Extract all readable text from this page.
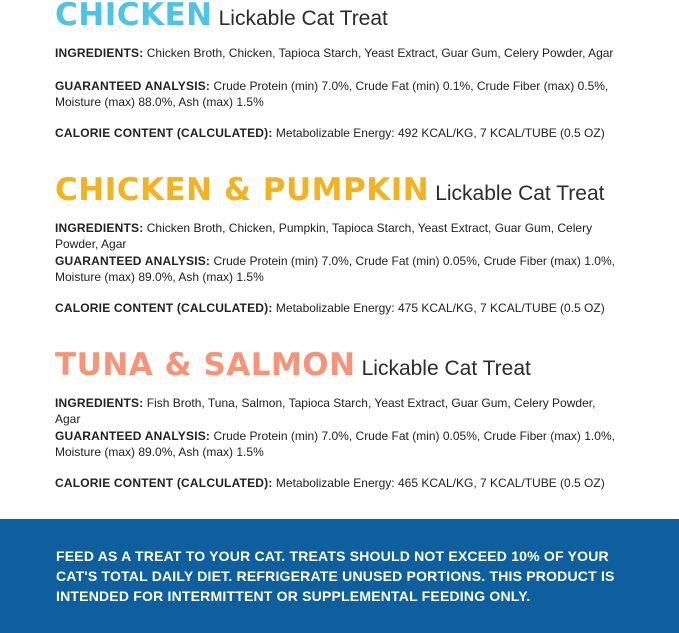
CHICKEN Lickable Cat Treat
INGREDIENTS: Chicken Broth, Chicken, Tapioca Starch, Yeast Extract, Guar Gum, Celery Powder, Agar
GUARANTEED ANALYSIS: Crude Protein (min) 7.0%, Crude Fat (min) 0.1%, Crude Fiber (max) 0.5%, Moisture (max) 88.0%, Ash (max) 1.5%
CALORIE CONTENT (CALCULATED): Metabolizable Energy: 492 KCAL/KG, 7 KCAL/TUBE (0.5 OZ)
CHICKEN & PUMPKIN Lickable Cat Treat
INGREDIENTS: Chicken Broth, Chicken, Pumpkin, Tapioca Starch, Yeast Extract, Guar Gum, Celery Powder, Agar
GUARANTEED ANALYSIS: Crude Protein (min) 7.0%, Crude Fat (min) 0.05%, Crude Fiber (max) 1.0%, Moisture (max) 89.0%, Ash (max) 1.5%
CALORIE CONTENT (CALCULATED): Metabolizable Energy: 475 KCAL/KG, 7 KCAL/TUBE (0.5 OZ)
TUNA & SALMON Lickable Cat Treat
INGREDIENTS: Fish Broth, Tuna, Salmon, Tapioca Starch, Yeast Extract, Guar Gum, Celery Powder, Agar
GUARANTEED ANALYSIS: Crude Protein (min) 7.0%, Crude Fat (min) 0.05%, Crude Fiber (max) 1.0%, Moisture (max) 89.0%, Ash (max) 1.5%
CALORIE CONTENT (CALCULATED): Metabolizable Energy: 465 KCAL/KG, 7 KCAL/TUBE (0.5 OZ)
FEED AS A TREAT TO YOUR CAT. TREATS SHOULD NOT EXCEED 10% OF YOUR CAT'S TOTAL DAILY DIET. REFRIGERATE UNUSED PORTIONS. THIS PRODUCT IS INTENDED FOR INTERMITTENT OR SUPPLEMENTAL FEEDING ONLY.
